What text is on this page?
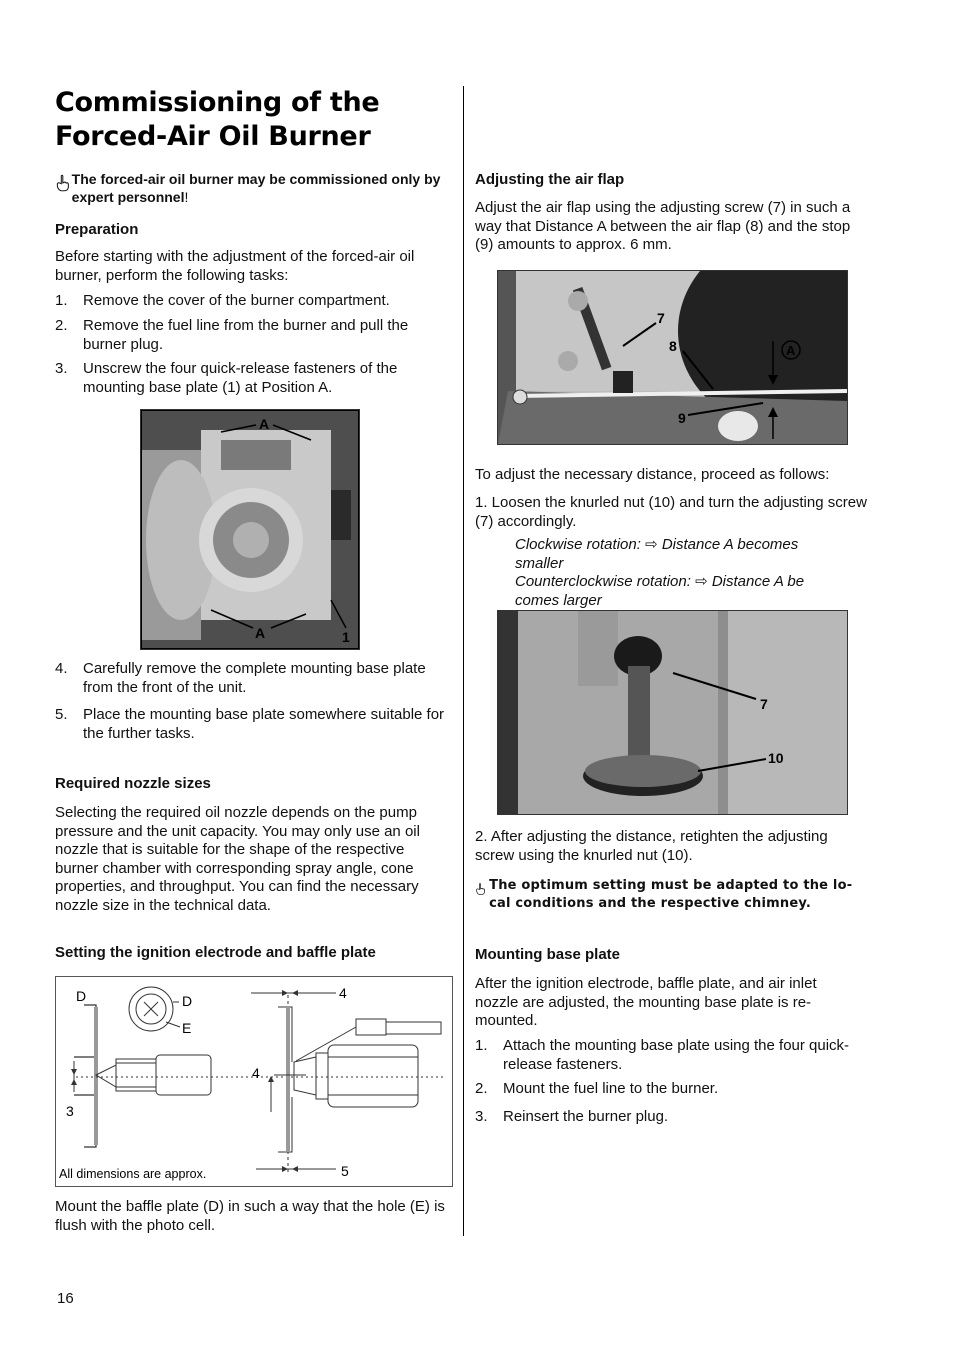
Commissioning of the
Forced-Air Oil Burner
The forced-air oil burner may be commissioned only by expert personnel!
Preparation
Before starting with the adjustment of the forced-air oil burner, perform the following tasks:
1.	Remove the cover of the burner compartment.
2.	Remove the fuel line from the burner and pull the burner plug.
3.	Unscrew the four quick-release fasteners of the mounting base plate (1) at Position A.
A
A	1
4.	Carefully remove the complete mounting base plate from the front of the unit.
5.	Place the mounting base plate somewhere suitable for the further tasks.
Required nozzle sizes
Selecting the required oil nozzle depends on the pump pressure and the unit capacity. You may only use an oil nozzle that is suitable for the shape of the respective burner chamber with corresponding spray angle, cone properties, and throughput. You can find the necessary nozzle size in the technical data.
Setting the ignition electrode and baffle plate
3
D	D
E
4
4
5
All dimensions are approx.
Mount the baffle plate (D) in such a way that the hole (E) is flush with the photo cell.
Adjusting the air flap
Adjust the air flap using the adjusting screw (7) in such a way that Distance A between the air flap (8) and the stop (9) amounts to approx. 6 mm.
7
8
9
A
To adjust the necessary distance, proceed as follows:
1. Loosen the knurled nut (10) and turn the adjusting screw (7) accordingly.
Clockwise rotation: ⇨ Distance A becomes smaller
Counterclockwise rotation: ⇨ Distance A be comes larger
7
10
2. After adjusting the distance, retighten the adjusting screw using the knurled nut (10).
The optimum setting must be adapted to the lo-cal conditions and the respective chimney.
Mounting base plate
After the ignition electrode, baffle plate, and air inlet nozzle are adjusted, the mounting base plate is re-mounted.
1.	Attach the mounting base plate using the four quick-release fasteners.
2.	Mount the fuel line to the burner.
3.	Reinsert the burner plug.
16
